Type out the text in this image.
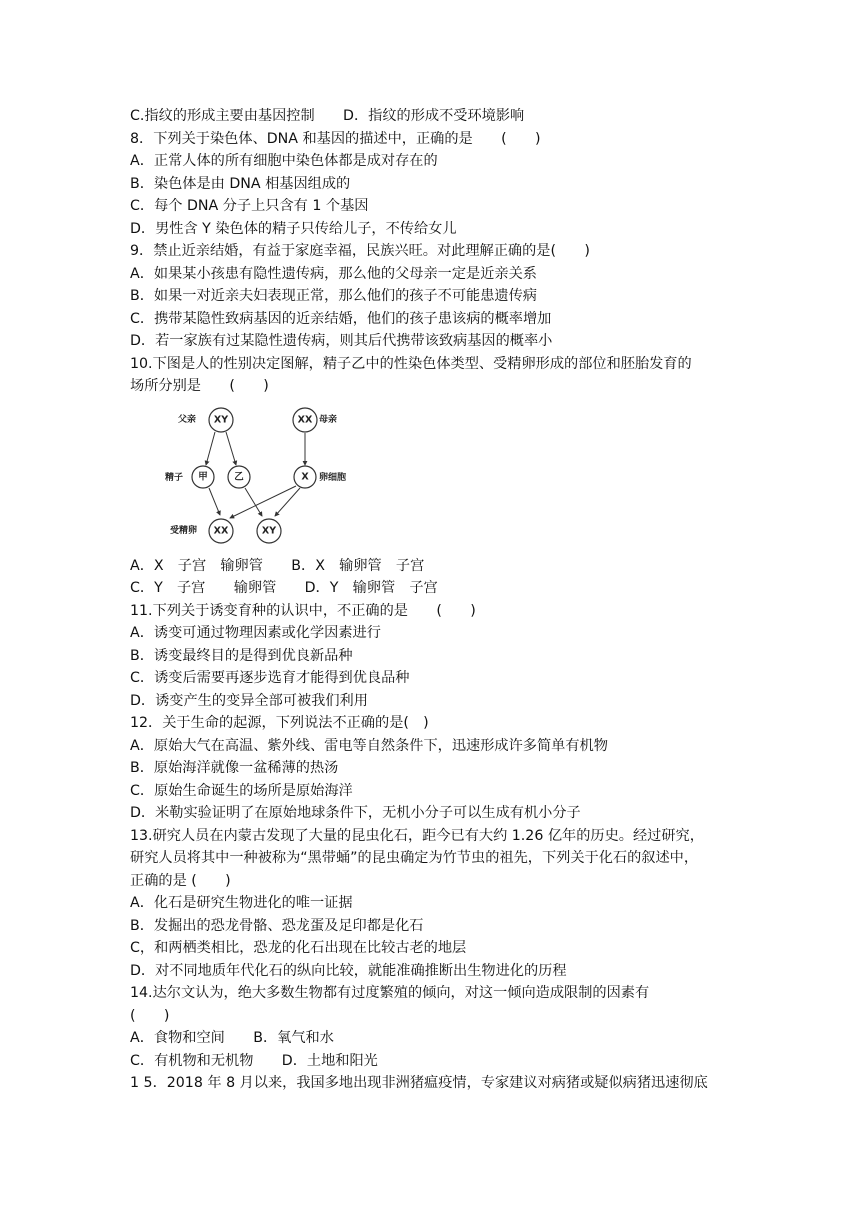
C.指纹的形成主要由基因控制　　D．指纹的形成不受环境影响
8．下列关于染色体、DNA 和基因的描述中，正确的是　　(　　)
A．正常人体的所有细胞中染色体都是成对存在的
B．染色体是由 DNA 相基因组成的
C．每个 DNA 分子上只含有 1 个基因
D．男性含 Y 染色体的精子只传给儿子，不传给女儿
9．禁止近亲结婚，有益于家庭幸福，民族兴旺。对此理解正确的是(　　)
A．如果某小孩患有隐性遗传病，那么他的父母亲一定是近亲关系
B．如果一对近亲夫妇表现正常，那么他们的孩子不可能患遗传病
C．携带某隐性致病基因的近亲结婚，他们的孩子患该病的概率增加
D．若一家族有过某隐性遗传病，则其后代携带该致病基因的概率小
10.下图是人的性别决定图解，精子乙中的性染色体类型、受精卵形成的部位和胚胎发育的
场所分别是　　(　　)
XY	XX
甲	乙	X
XX	XY
父亲	母亲
精子	卵细胞
受精卵
A．X　子宫　输卵管　　B．X　输卵管　子宫
C．Y　子宫　　输卵管　　D．Y　输卵管　子宫
11.下列关于诱变育种的认识中，不正确的是　　(　　)
A．诱变可通过物理因素或化学因素进行
B．诱变最终目的是得到优良新品种
C．诱变后需要再逐步选育才能得到优良品种
D．诱变产生的变异全部可被我们利用
12．关于生命的起源，下列说法不正确的是(　)
A．原始大气在高温、紫外线、雷电等自然条件下，迅速形成许多简单有机物
B．原始海洋就像一盆稀薄的热汤
C．原始生命诞生的场所是原始海洋
D．米勒实验证明了在原始地球条件下，无机小分子可以生成有机小分子
13.研究人员在内蒙古发现了大量的昆虫化石，距今已有大约 1.26 亿年的历史。经过研究，
研究人员将其中一种被称为“黑带蛹”的昆虫确定为竹节虫的祖先，下列关于化石的叙述中，
正确的是 (　　)
A．化石是研究生物进化的唯一证据
B．发掘出的恐龙骨骼、恐龙蛋及足印都是化石
C，和两栖类相比，恐龙的化石出现在比较古老的地层
D．对不同地质年代化石的纵向比较，就能准确推断出生物进化的历程
14.达尔文认为，绝大多数生物都有过度繁殖的倾向，对这一倾向造成限制的因素有
(　　)
A．食物和空间　　B．氧气和水
C．有机物和无机物　　D．土地和阳光
1 5．2018 年 8 月以来，我国多地出现非洲猪瘟疫情，专家建议对病猪或疑似病猪迅速彻底
